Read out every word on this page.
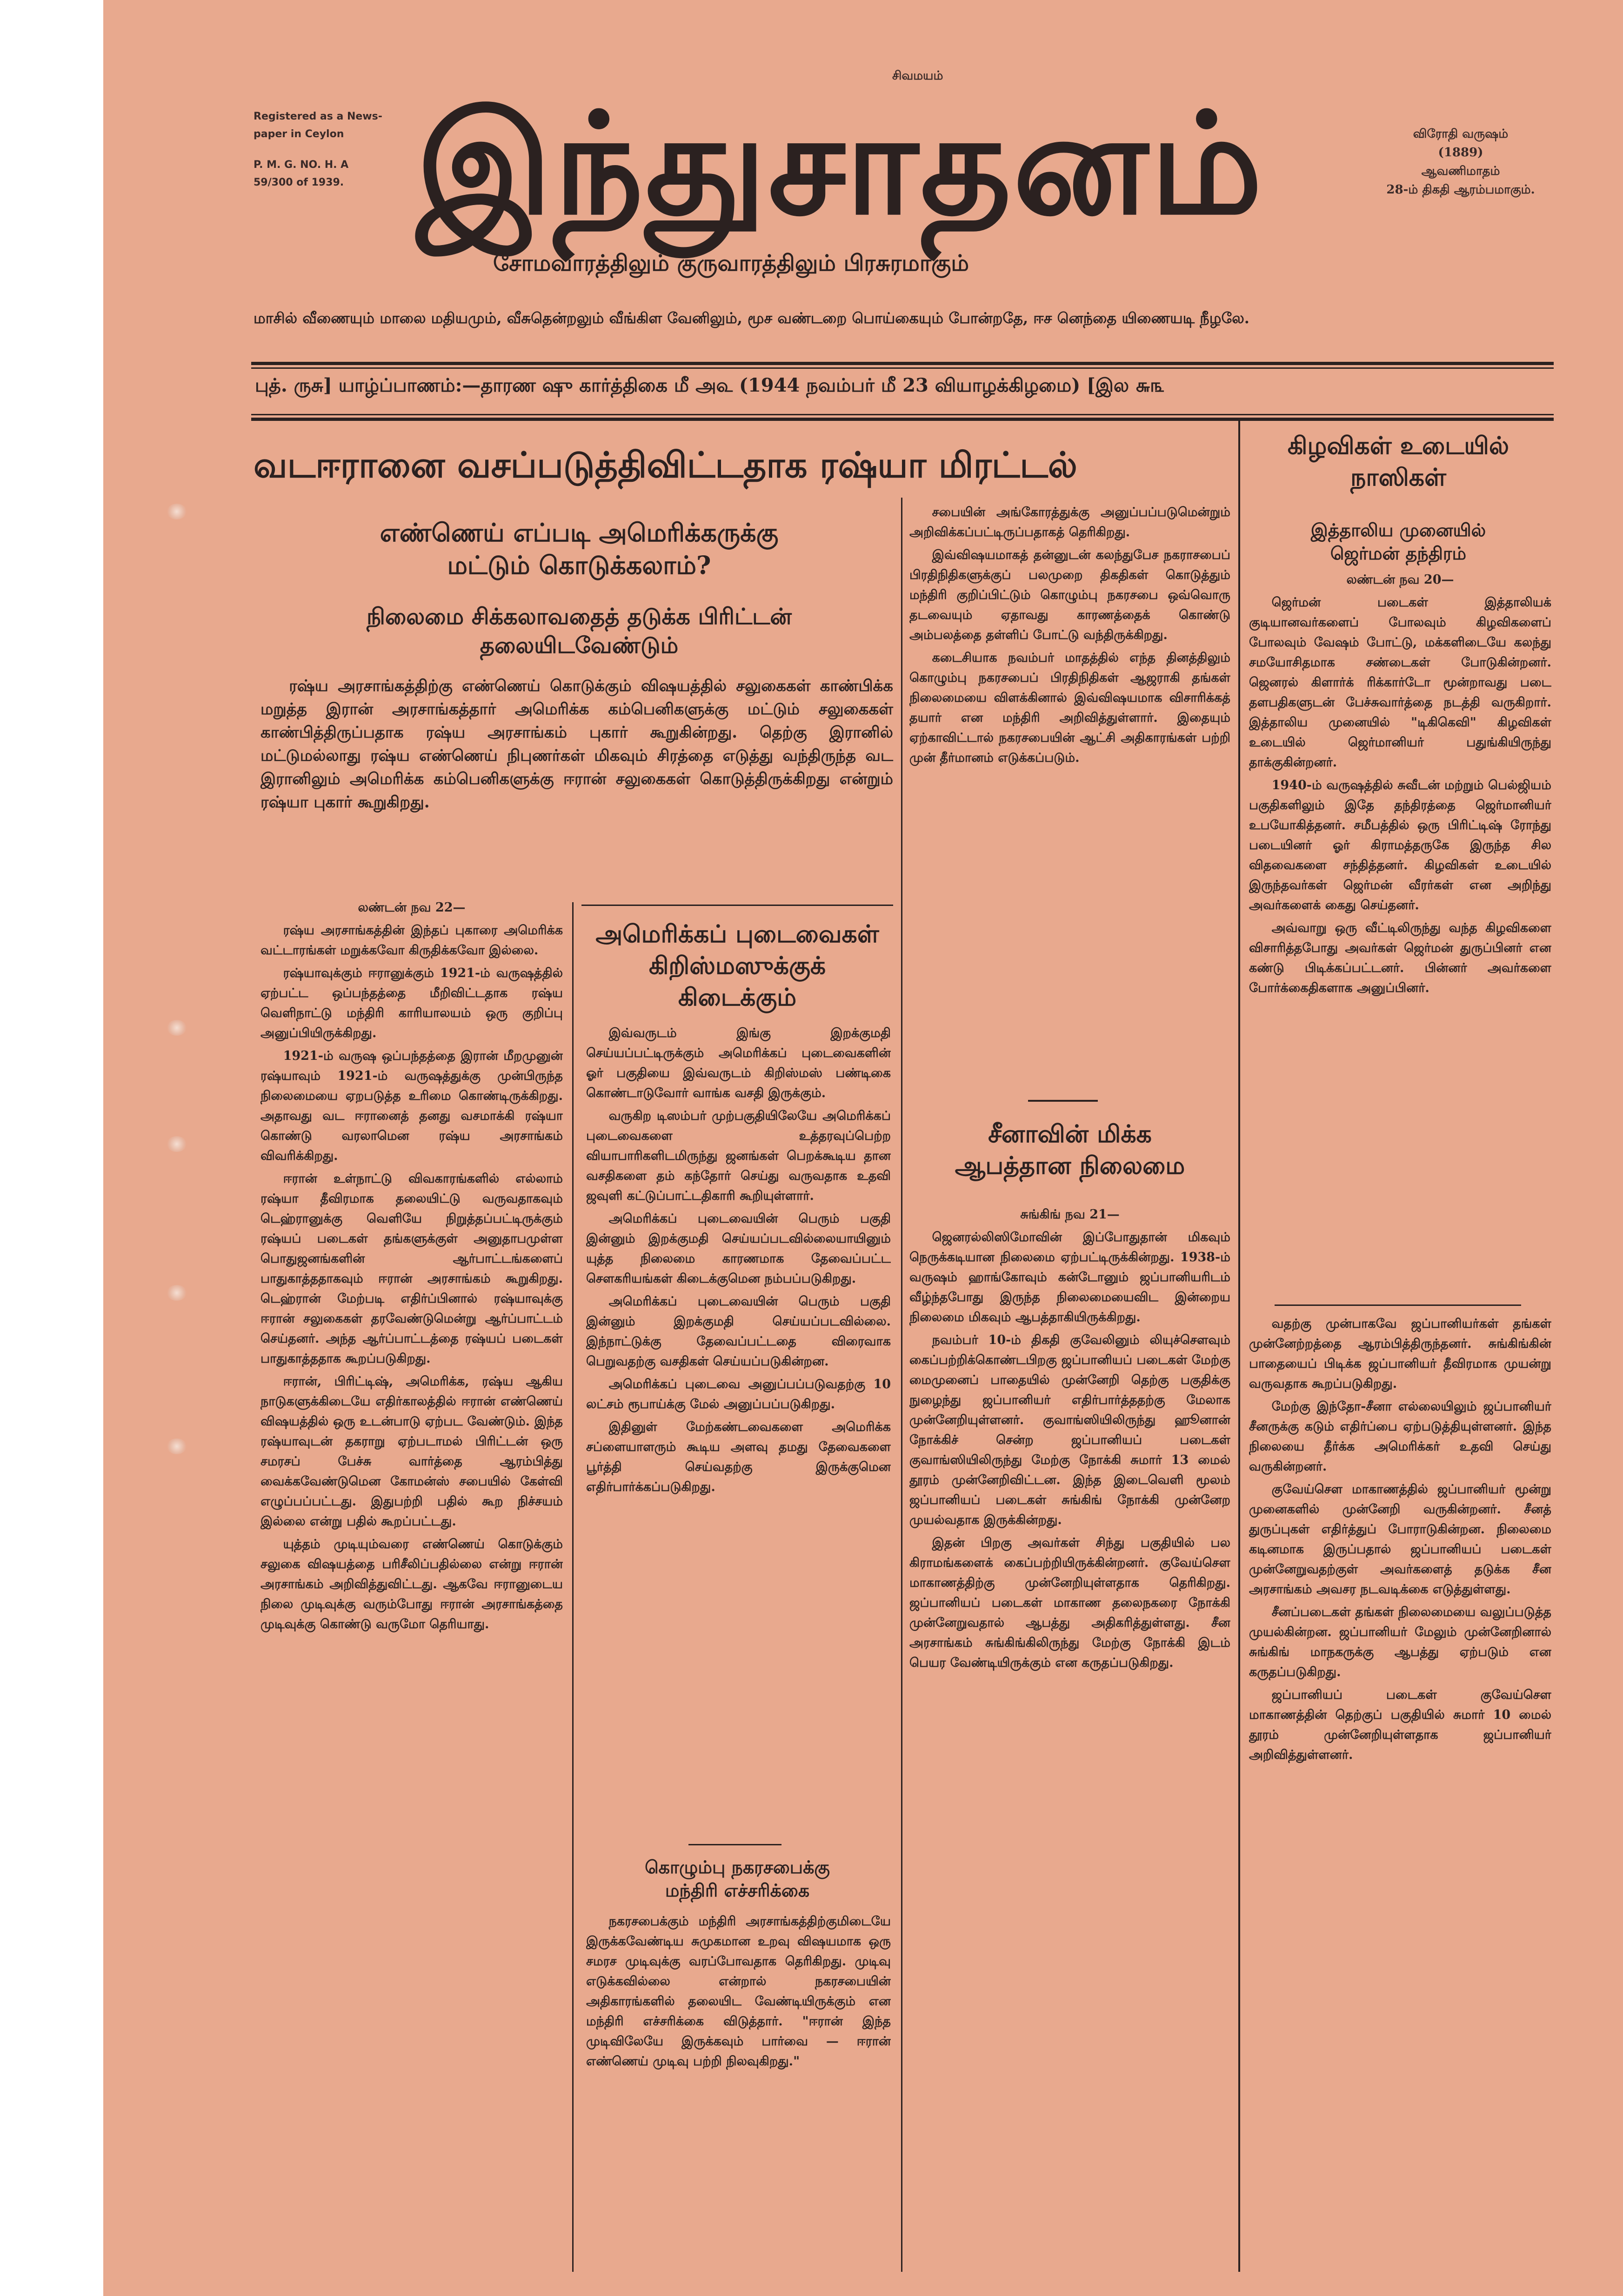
சிவமயம்
Registered as a News-
paper in Ceylon
P. M. G. NO. H. A
59/300 of 1939. இந்துசாதனம்	விரோதி வருஷம்
(1889)
ஆவணிமாதம்
28-ம் திகதி ஆரம்பமாகும்.
சோமவாரத்திலும் குருவாரத்திலும் பிரசுரமாகும்
மாசில் வீணையும் மாலை மதியமும், வீசுதென்றலும் வீங்கிள வேனிலும், மூச வண்டறை பொய்கையும் போன்றதே, ஈச னெந்தை யிணையடி நீழலே.
புத். ருசு] யாழ்ப்பாணம்:—தாரண ஷு கார்த்திகை மீ அ௳ (1944 நவம்பர் மீ 23 வியாழக்கிழமை) [இல ௬௩
வடஈரானை வசப்படுத்திவிட்டதாக ரஷ்யா மிரட்டல்
எண்ணெய் எப்படி அமெரிக்கருக்கு
மட்டும் கொடுக்கலாம்?
நிலைமை சிக்கலாவதைத் தடுக்க பிரிட்டன்
தலையிடவேண்டும்

ரஷ்ய அரசாங்கத்திற்கு எண்ணெய் கொடுக்கும் விஷயத்தில் சலுகைகள் காண்பிக்க மறுத்த இரான் அரசாங்கத்தார் அமெரிக்க கம்பெனிகளுக்கு மட்டும் சலுகைகள் காண்பித்திருப்பதாக ரஷ்ய அரசாங்கம் புகார் கூறுகின்றது. தெற்கு இரானில் மட்டுமல்லாது ரஷ்ய எண்ணெய் நிபுணர்கள் மிகவும் சிரத்தை எடுத்து வந்திருந்த வட இரானிலும் அமெரிக்க கம்பெனிகளுக்கு ஈரான் சலுகைகள் கொடுத்திருக்கிறது என்றும் ரஷ்யா புகார் கூறுகிறது.

லண்டன் நவ 22—

ரஷ்ய அரசாங்கத்தின் இந்தப் புகாரை அமெரிக்க வட்டாரங்கள் மறுக்கவோ கிருதிக்கவோ இல்லை.

ரஷ்யாவுக்கும் ஈரானுக்கும் 1921-ம் வருஷத்தில் ஏற்பட்ட ஒப்பந்தத்தை மீறிவிட்டதாக ரஷ்ய வெளிநாட்டு மந்திரி காரியாலயம் ஒரு குறிப்பு அனுப்பியிருக்கிறது.

1921-ம் வருஷ ஒப்பந்தத்தை இரான் மீறமுனுன் ரஷ்யாவும் 1921-ம் வருஷத்துக்கு முன்பிருந்த நிலைமையை ஏறபடுத்த உரிமை கொண்டிருக்கிறது. அதாவது வட ஈரானைத் தனது வசமாக்கி ரஷ்யா கொண்டு வரலாமென ரஷ்ய அரசாங்கம் விவரிக்கிறது.

ஈரான் உள்நாட்டு விவகாரங்களில் எல்லாம் ரஷ்யா தீவிரமாக தலையிட்டு வருவதாகவும் டெஹ்ரானுக்கு வெளியே நிறுத்தப்பட்டிருக்கும் ரஷ்யப் படைகள் தங்களுக்குள் அனுதாபமுள்ள பொதுஜனங்களின் ஆர்பாட்டங்களைப் பாதுகாத்ததாகவும் ஈரான் அரசாங்கம் கூறுகிறது. டெஹ்ரான் மேற்படி எதிர்ப்பினால் ரஷ்யாவுக்கு ஈரான் சலுகைகள் தரவேண்டுமென்று ஆர்ப்பாட்டம் செய்தனர். அந்த ஆர்ப்பாட்டத்தை ரஷ்யப் படைகள் பாதுகாத்ததாக கூறப்படுகிறது.

ஈரான், பிரிட்டிஷ், அமெரிக்க, ரஷ்ய ஆகிய நாடுகளுக்கிடையே எதிர்காலத்தில் ஈரான் எண்ணெய் விஷயத்தில் ஒரு உடன்பாடு ஏற்பட வேண்டும். இந்த ரஷ்யாவுடன் தகராறு ஏற்படாமல் பிரிட்டன் ஒரு சமரசப் பேச்சு வார்த்தை ஆரம்பித்து வைக்கவேண்டுமென கோமன்ஸ் சபையில் கேள்வி எழுப்பப்பட்டது. இதுபற்றி பதில் கூற நிச்சயம் இல்லை என்று பதில் கூறப்பட்டது.

யுத்தம் முடியும்வரை எண்ணெய் கொடுக்கும் சலுகை விஷயத்தை பரிசீலிப்பதில்லை என்று ஈரான் அரசாங்கம் அறிவித்துவிட்டது. ஆகவே ஈரானுடைய நிலை முடிவுக்கு வரும்போது ஈரான் அரசாங்கத்தை முடிவுக்கு கொண்டு வருமோ தெரியாது.

அமெரிக்கப் புடைவைகள்
கிறிஸ்மஸுக்குக்
கிடைக்கும்

இவ்வருடம் இங்கு இறக்குமதி செய்யப்பட்டிருக்கும் அமெரிக்கப் புடைவைகளின் ஓர் பகுதியை இவ்வருடம் கிறிஸ்மஸ் பண்டிகை கொண்டாடுவோர் வாங்க வசதி இருக்கும்.

வருகிற டிஸம்பர் முற்பகுதியிலேயே அமெரிக்கப் புடைவைகளை உத்தரவுப்பெற்ற வியாபாரிகளிடமிருந்து ஜனங்கள் பெறக்கூடிய தான வசதிகளை தம் கந்தோர் செய்து வருவதாக உதவி ஜவுளி கட்டுப்பாட்டதிகாரி கூறியுள்ளார்.

அமெரிக்கப் புடைவையின் பெரும் பகுதி இன்னும் இறக்குமதி செய்யப்படவில்லையாயினும் யுத்த நிலைமை காரணமாக தேவைப்பட்ட சௌகரியங்கள் கிடைக்குமென நம்பப்படுகிறது.

அமெரிக்கப் புடைவையின் பெரும் பகுதி இன்னும் இறக்குமதி செய்யப்படவில்லை. இந்நாட்டுக்கு தேவைப்பட்டதை விரைவாக பெறுவதற்கு வசதிகள் செய்யப்படுகின்றன.

அமெரிக்கப் புடைவை அனுப்பப்படுவதற்கு 10 லட்சம் ரூபாய்க்கு மேல் அனுப்பப்படுகிறது.

இதினுள் மேற்கண்டவைகளை அமெரிக்க சப்ளையாளரும் கூடிய அளவு தமது தேவைகளை பூர்த்தி செய்வதற்கு இருக்குமென எதிர்பார்க்கப்படுகிறது.

கொழும்பு நகரசபைக்கு
மந்திரி எச்சரிக்கை

நகரசபைக்கும் மந்திரி அரசாங்கத்திற்குமிடையே இருக்கவேண்டிய சுமுகமான உறவு விஷயமாக ஒரு சமரச முடிவுக்கு வரப்போவதாக தெரிகிறது. முடிவு எடுக்கவில்லை என்றால் நகரசபையின் அதிகாரங்களில் தலையிட வேண்டியிருக்கும் என மந்திரி எச்சரிக்கை விடுத்தார். "ஈரான் இந்த முடிவிலேயே இருக்கவும் பார்வை — ஈரான் எண்ணெய் முடிவு பற்றி நிலவுகிறது."

சபையின் அங்கோரத்துக்கு அனுப்பப்படுமென்றும் அறிவிக்கப்பட்டிருப்பதாகத் தெரிகிறது.

இவ்விஷயமாகத் தன்னுடன் கலந்துபேச நகராசபைப் பிரதிநிதிகளுக்குப் பலமுறை திகதிகள் கொடுத்தும் மந்திரி குறிப்பிட்டும் கொழும்பு நகரசபை ஒவ்வொரு தடவையும் ஏதாவது காரணத்தைக் கொண்டு அம்பலத்தை தள்ளிப் போட்டு வந்திருக்கிறது.

கடைசியாக நவம்பர் மாதத்தில் எந்த தினத்திலும் கொழும்பு நகரசபைப் பிரதிநிதிகள் ஆஜராகி தங்கள் நிலைமையை விளக்கினால் இவ்விஷயமாக விசாரிக்கத் தயார் என மந்திரி அறிவித்துள்ளார். இதையும் ஏற்காவிட்டால் நகரசபையின் ஆட்சி அதிகாரங்கள் பற்றி முன் தீர்மானம் எடுக்கப்படும்.

சீனாவின் மிக்க
ஆபத்தான நிலைமை

சுங்கிங் நவ 21—

ஜெனரல்லிஸிமோவின் இப்போதுதான் மிகவும் நெருக்கடியான நிலைமை ஏற்பட்டிருக்கின்றது. 1938-ம் வருஷம் ஹாங்கோவும் கன்டோனும் ஜப்பானியரிடம் வீழ்ந்தபோது இருந்த நிலைமையைவிட இன்றைய நிலைமை மிகவும் ஆபத்தாகியிருக்கிறது.

நவம்பர் 10-ம் திகதி குவேலினும் லியுச்சௌவும் கைப்பற்றிக்கொண்டபிறகு ஜப்பானியப் படைகள் மேற்கு மைமுனைப் பாதையில் முன்னேறி தெற்கு பகுதிக்கு நுழைந்து ஜப்பானியர் எதிர்பார்த்ததற்கு மேலாக முன்னேறியுள்ளனர். குவாங்ஸியிலிருந்து ஹூனான் நோக்கிச் சென்ற ஜப்பானியப் படைகள் குவாங்ஸியிலிருந்து மேற்கு நோக்கி சுமார் 13 மைல் தூரம் முன்னேறிவிட்டன. இந்த இடைவெளி மூலம் ஜப்பானியப் படைகள் சுங்கிங் நோக்கி முன்னேற முயல்வதாக இருக்கின்றது.

இதன் பிறகு அவர்கள் சிந்து பகுதியில் பல கிராமங்களைக் கைப்பற்றியிருக்கின்றனர். குவேய்சௌ மாகாணத்திற்கு முன்னேறியுள்ளதாக தெரிகிறது. ஜப்பானியப் படைகள் மாகாண தலைநகரை நோக்கி முன்னேறுவதால் ஆபத்து அதிகரித்துள்ளது. சீன அரசாங்கம் சுங்கிங்கிலிருந்து மேற்கு நோக்கி இடம் பெயர வேண்டியிருக்கும் என கருதப்படுகிறது.

கிழவிகள் உடையில்
நாஸிகள்
இத்தாலிய முனையில்
ஜெர்மன் தந்திரம்

லண்டன் நவ 20—

ஜெர்மன் படைகள் இத்தாலியக் குடியானவர்களைப் போலவும் கிழவிகளைப் போலவும் வேஷம் போட்டு, மக்களிடையே கலந்து சமயோசிதமாக சண்டைகள் போடுகின்றனர். ஜெனரல் கிளார்க் ரிக்கார்டோ மூன்றாவது படை தளபதிகளுடன் பேச்சுவார்த்தை நடத்தி வருகிறார். இத்தாலிய முனையில் "டிகிகெவி" கிழவிகள் உடையில் ஜெர்மானியர் பதுங்கியிருந்து தாக்குகின்றனர்.

1940-ம் வருஷத்தில் சுவீடன் மற்றும் பெல்ஜியம் பகுதிகளிலும் இதே தந்திரத்தை ஜெர்மானியர் உபயோகித்தனர். சமீபத்தில் ஒரு பிரிட்டிஷ் ரோந்து படையினர் ஓர் கிராமத்தருகே இருந்த சில விதவைகளை சந்தித்தனர். கிழவிகள் உடையில் இருந்தவர்கள் ஜெர்மன் வீரர்கள் என அறிந்து அவர்களைக் கைது செய்தனர்.

அவ்வாறு ஒரு வீட்டிலிருந்து வந்த கிழவிகளை விசாரித்தபோது அவர்கள் ஜெர்மன் துருப்பினர் என கண்டு பிடிக்கப்பட்டனர். பின்னர் அவர்களை போர்க்கைதிகளாக அனுப்பினர்.

வதற்கு முன்பாகவே ஜப்பானியர்கள் தங்கள் முன்னேற்றத்தை ஆரம்பித்திருந்தனர். சுங்கிங்கின் பாதையைப் பிடிக்க ஜப்பானியர் தீவிரமாக முயன்று வருவதாக கூறப்படுகிறது.

மேற்கு இந்தோ-சீனா எல்லையிலும் ஜப்பானியர் சீனருக்கு கடும் எதிர்ப்பை ஏற்படுத்தியுள்ளனர். இந்த நிலையை தீர்க்க அமெரிக்கர் உதவி செய்து வருகின்றனர்.

குவேய்சௌ மாகாணத்தில் ஜப்பானியர் மூன்று முனைகளில் முன்னேறி வருகின்றனர். சீனத் துருப்புகள் எதிர்த்துப் போராடுகின்றன. நிலைமை கடினமாக இருப்பதால் ஜப்பானியப் படைகள் முன்னேறுவதற்குள் அவர்களைத் தடுக்க சீன அரசாங்கம் அவசர நடவடிக்கை எடுத்துள்ளது.

சீனப்படைகள் தங்கள் நிலைமையை வலுப்படுத்த முயல்கின்றன. ஜப்பானியர் மேலும் முன்னேறினால் சுங்கிங் மாநகருக்கு ஆபத்து ஏற்படும் என கருதப்படுகிறது.

ஜப்பானியப் படைகள் குவேய்சௌ மாகாணத்தின் தெற்குப் பகுதியில் சுமார் 10 மைல் தூரம் முன்னேறியுள்ளதாக ஜப்பானியர் அறிவித்துள்ளனர்.
